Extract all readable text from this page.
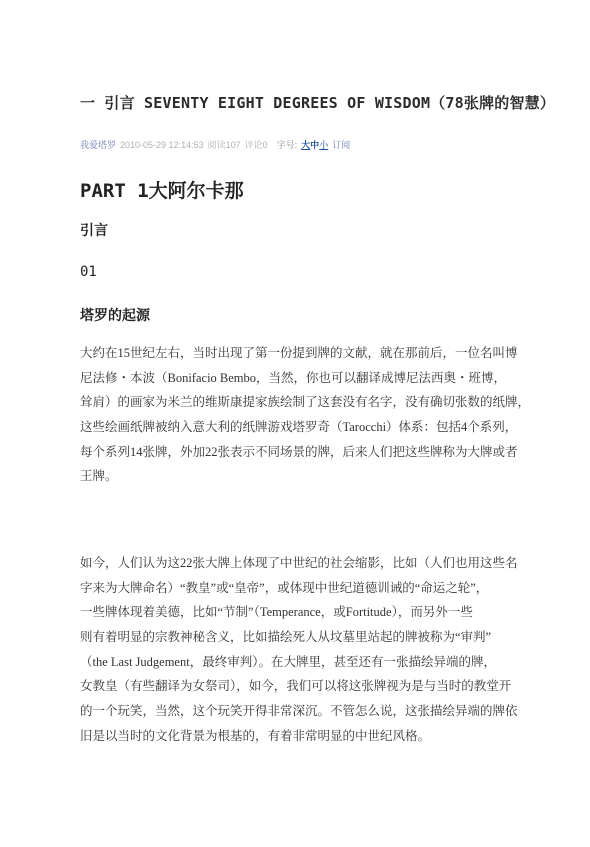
一 引言 SEVENTY EIGHT DEGREES OF WISDOM（78张牌的智慧）
我爱塔罗 2010-05-29 12:14:53 阅读107 评论0 字号: 大中小 订阅
PART 1大阿尔卡那
引言
01
塔罗的起源
大约在15世纪左右，当时出现了第一份提到牌的文献，就在那前后，一位名叫博
尼法修・本波（Bonifacio Bembo，当然，你也可以翻译成博尼法西奥・班博，
耸肩）的画家为米兰的维斯康提家族绘制了这套没有名字，没有确切张数的纸牌，
这些绘画纸牌被纳入意大利的纸牌游戏塔罗奇（Tarocchi）体系：包括4个系列，
每个系列14张牌，外加22张表示不同场景的牌，后来人们把这些牌称为大牌或者
王牌。
如今，人们认为这22张大牌上体现了中世纪的社会缩影，比如（人们也用这些名
字来为大牌命名）“教皇”或“皇帝”，或体现中世纪道德训诫的“命运之轮”，
一些牌体现着美德，比如“节制”（Temperance，或Fortitude），而另外一些
则有着明显的宗教神秘含义，比如描绘死人从坟墓里站起的牌被称为“审判”
（the Last Judgement，最终审判）。在大牌里，甚至还有一张描绘异端的牌，
女教皇（有些翻译为女祭司），如今，我们可以将这张牌视为是与当时的教堂开
的一个玩笑，当然，这个玩笑开得非常深沉。不管怎么说，这张描绘异端的牌依
旧是以当时的文化背景为根基的，有着非常明显的中世纪风格。
